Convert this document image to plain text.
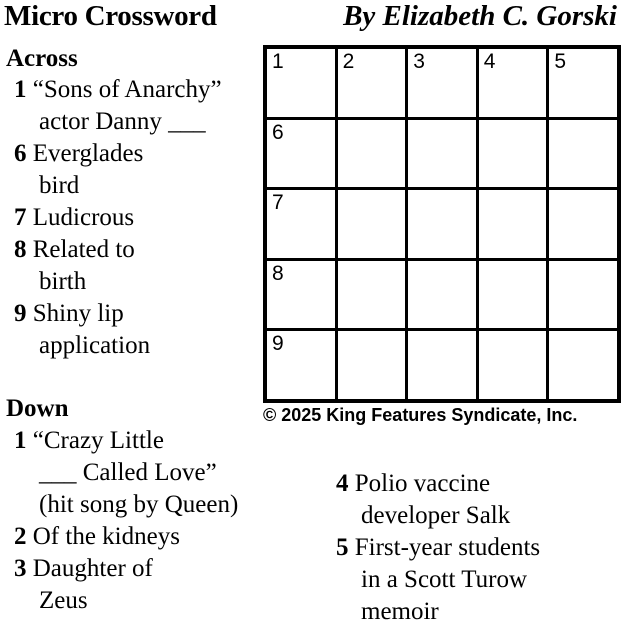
Micro Crossword	By Elizabeth C. Gorski
Across
1 “Sons of Anarchy”
actor Danny ___
6 Everglades
bird
7 Ludicrous
8 Related to
birth
9 Shiny lip
application
Down
1 “Crazy Little
___ Called Love”
(hit song by Queen)
2 Of the kidneys
3 Daughter of
Zeus
4 Polio vaccine
developer Salk
5 First-year students
in a Scott Turow
memoir
1	2	3	4	5
6
7
8
9
© 2025 King Features Syndicate, Inc.
